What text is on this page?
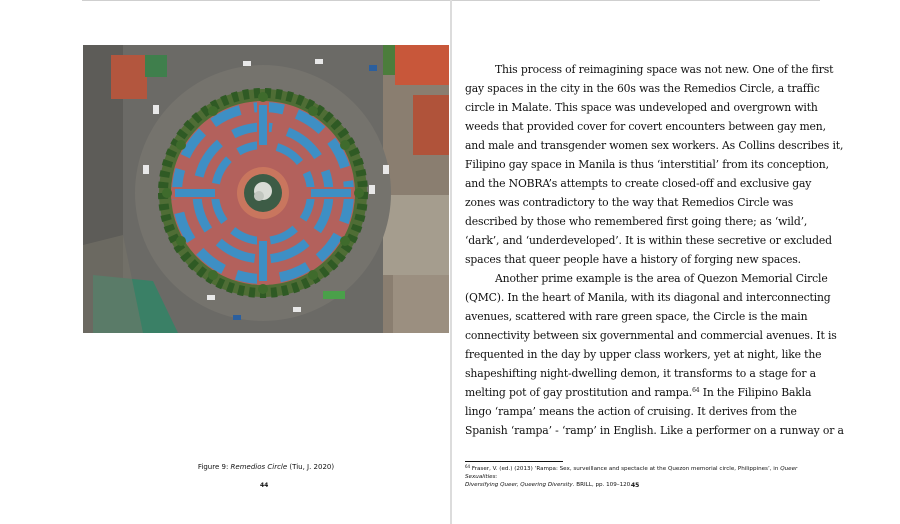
Figure 9: Remedios Circle (Tiu, J. 2020)
44
This process of reimagining space was not new. One of the first
gay spaces in the city in the 60s was the Remedios Circle, a traffic
circle in Malate. This space was undeveloped and overgrown with
weeds that provided cover for covert encounters between gay men,
and male and transgender women sex workers. As Collins describes it,
Filipino gay space in Manila is thus ‘interstitial’ from its conception,
and the NOBRA’s attempts to create closed-off and exclusive gay
zones was contradictory to the way that Remedios Circle was
described by those who remembered first going there; as ‘wild’,
‘dark’, and ‘underdeveloped’. It is within these secretive or excluded
spaces that queer people have a history of forging new spaces.
Another prime example is the area of Quezon Memorial Circle
(QMC). In the heart of Manila, with its diagonal and interconnecting
avenues, scattered with rare green space, the Circle is the main
connectivity between six governmental and commercial avenues. It is
frequented in the day by upper class workers, yet at night, like the
shapeshifting night-dwelling demon, it transforms to a stage for a
melting pot of gay prostitution and rampa.$^{64}$ In the Filipino Bakla
lingo ‘rampa’ means the action of cruising. It derives from the
Spanish ‘rampa’ - ‘ramp’ in English. Like a performer on a runway or a
$^{64}$ Fraser, V. (ed.) (2013) ‘Rampa: Sex, surveillance and spectacle at the Quezon memorial circle, Philippines’, in Queer Sexualities:
Diversifying Queer, Queering Diversity. BRILL, pp. 109–120.
45
